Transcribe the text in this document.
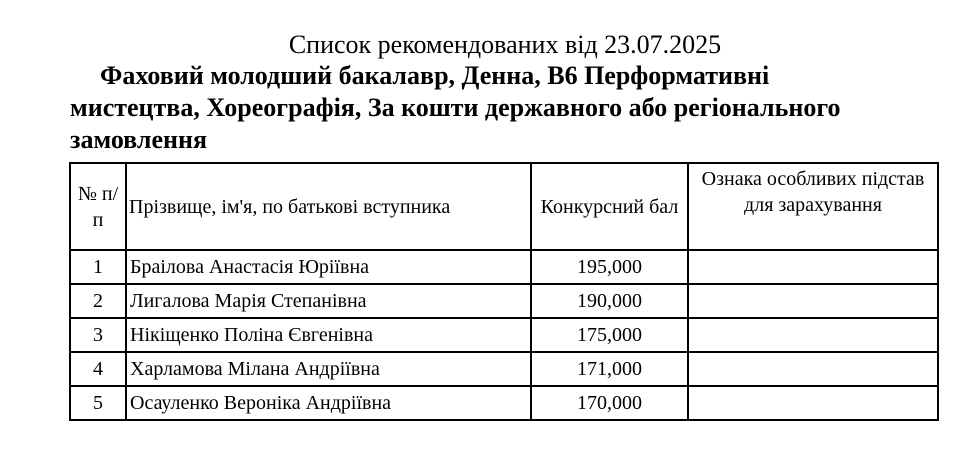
Список рекомендованих від 23.07.2025
Фаховий молодший бакалавр, Денна, В6 Перформативні мистецтва, Хореографія, За кошти державного або регіонального замовлення
№ п/п	Прізвище, ім'я, по батькові вступника	Конкурсний бал	Ознака особливих підстав для зарахування
1	Браілова Анастасія Юріївна	195,000	
2	Лигалова Марія Степанівна	190,000	
3	Нікіщенко Поліна Євгенівна	175,000	
4	Харламова Мілана Андріївна	171,000	
5	Осауленко Вероніка Андріївна	170,000	
